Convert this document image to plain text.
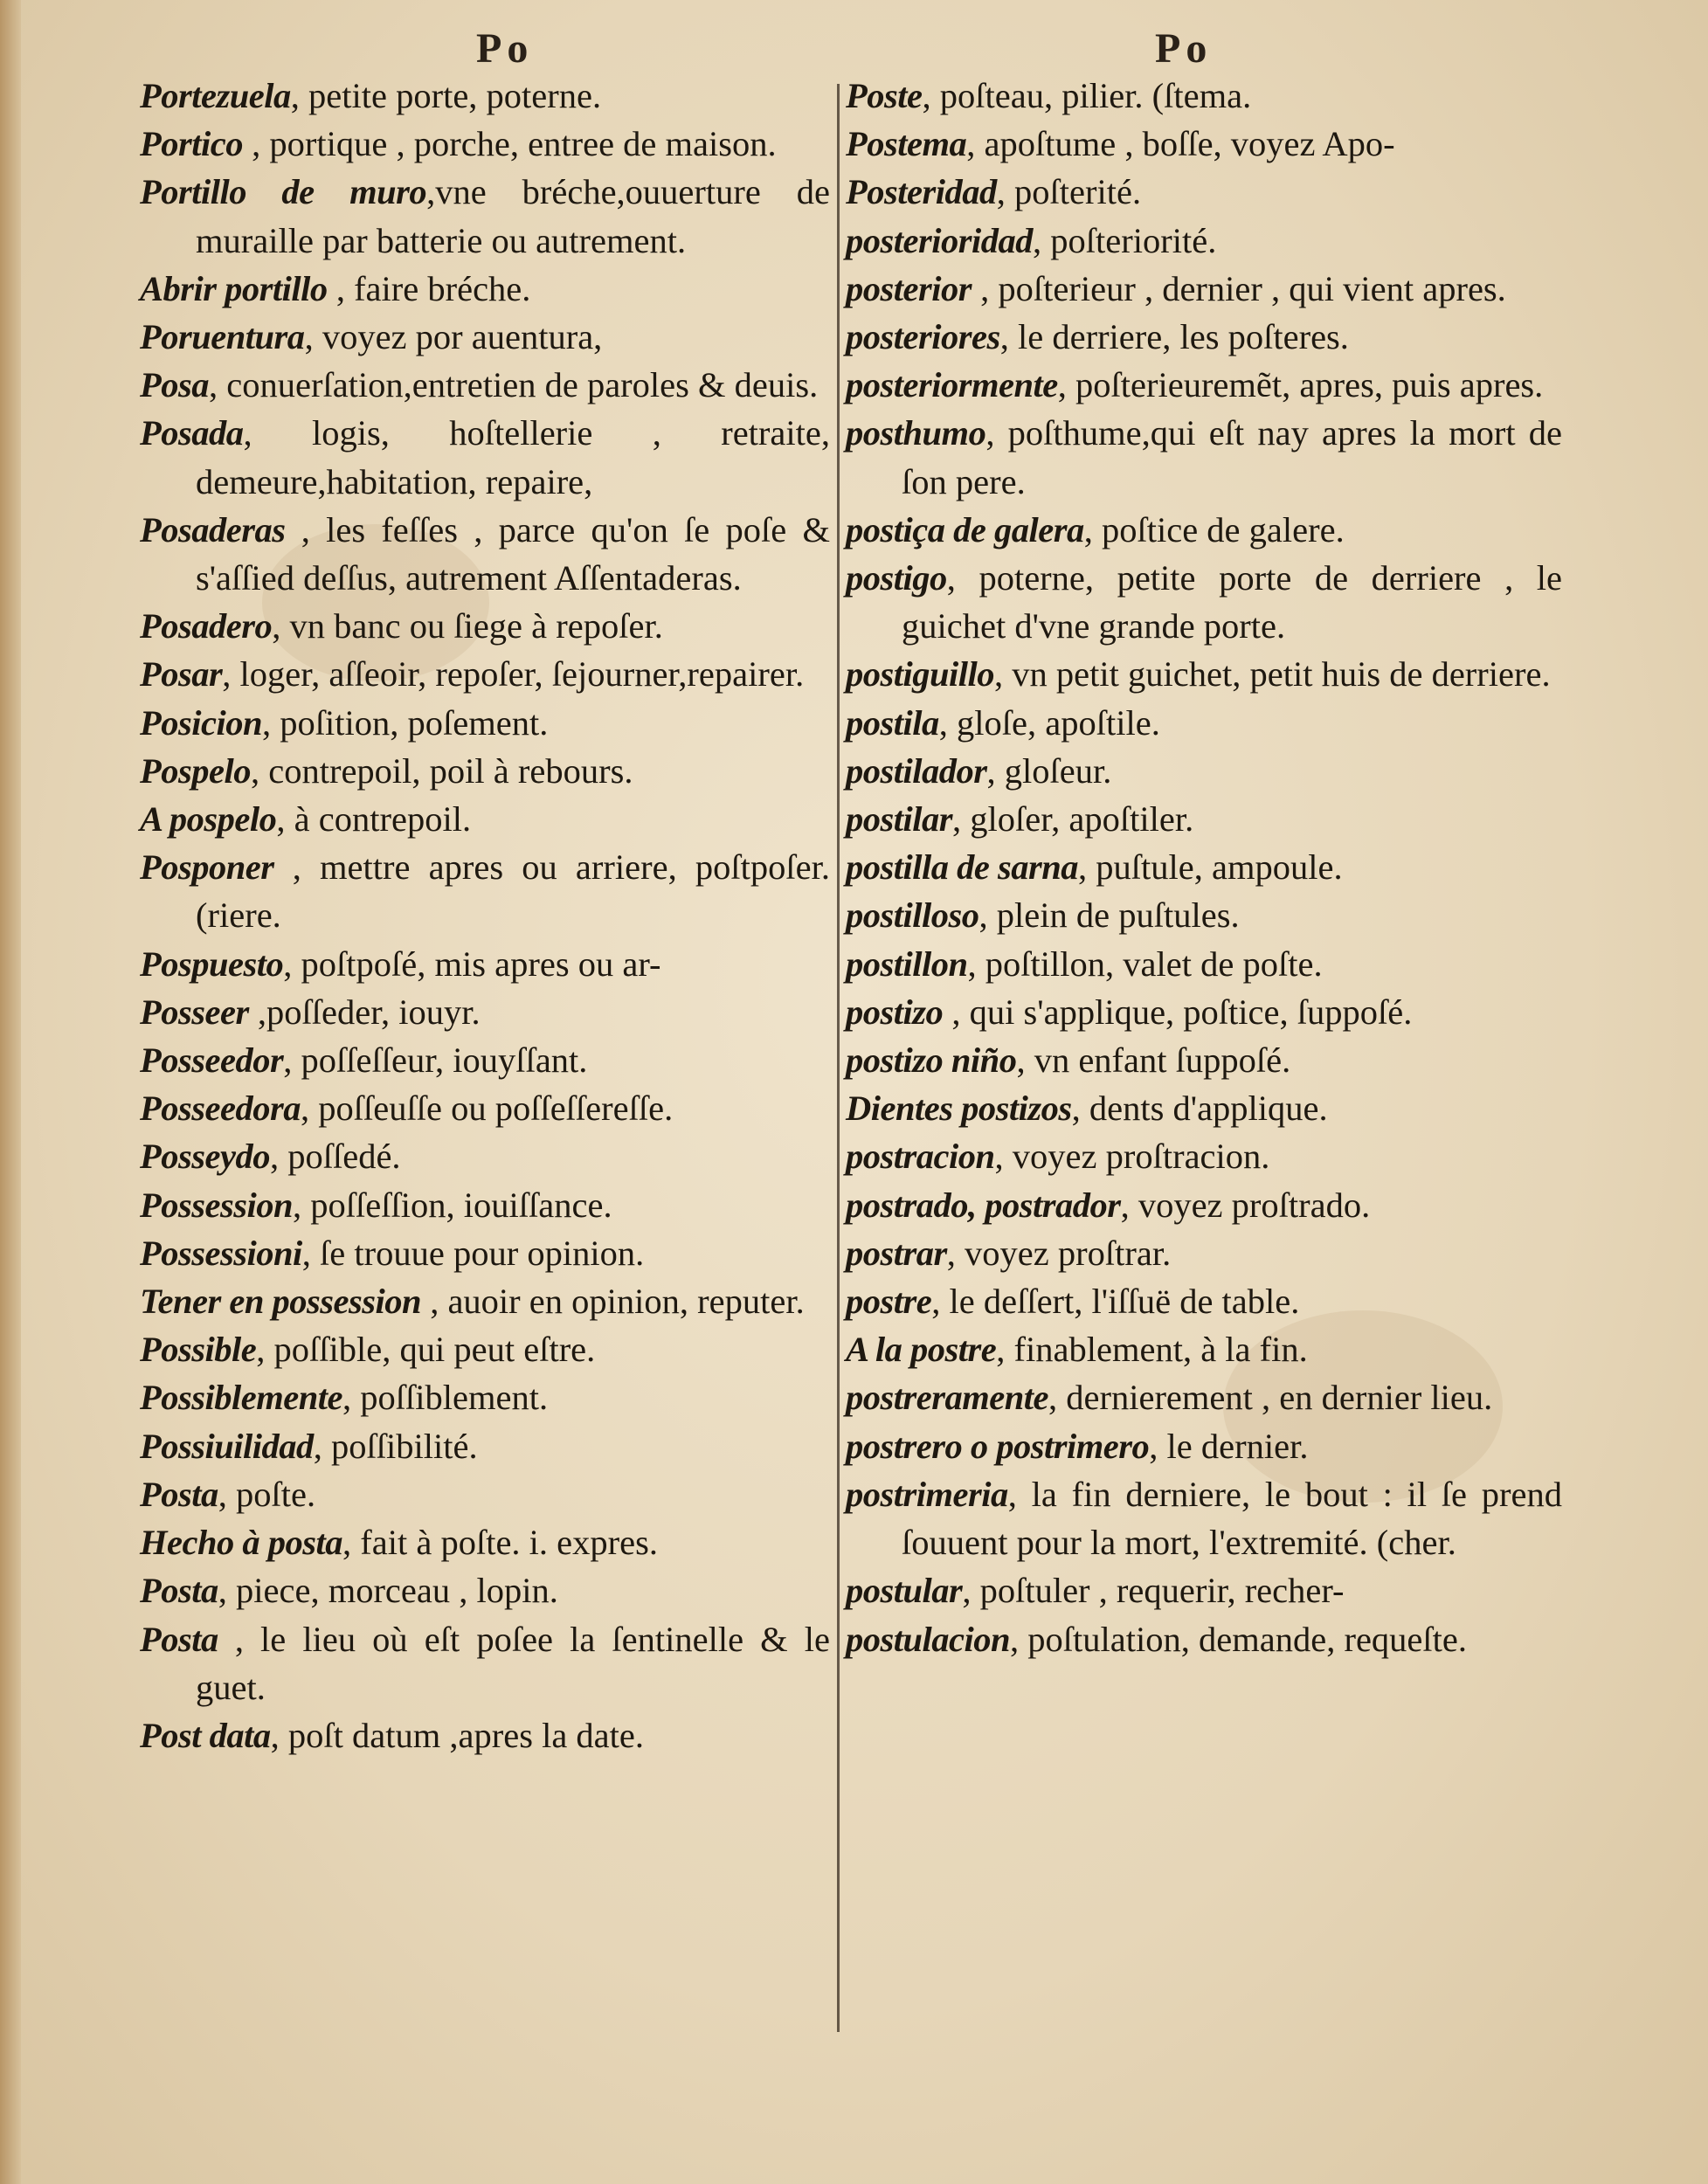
Po	Po
Portezuela, petite porte, poterne.
Portico , portique , porche, entree de maison.
Portillo de muro,vne bréche,ouuerture de muraille par batterie ou autrement.
Abrir portillo , faire bréche.
Poruentura, voyez por auentura,
Posa, conuerſation,entretien de paroles & deuis.
Posada, logis, hoſtellerie , retraite, demeure,habitation, repaire,
Posaderas , les feſſes , parce qu'on ſe poſe & s'aſſied deſſus, autrement Aſſentaderas.
Posadero, vn banc ou ſiege à repoſer.
Posar, loger, aſſeoir, repoſer, ſejourner,repairer.
Posicion, poſition, poſement.
Pospelo, contrepoil, poil à rebours.
A pospelo, à contrepoil.
Posponer , mettre apres ou arriere, poſtpoſer. (riere.
Pospuesto, poſtpoſé, mis apres ou ar-
Posseer ,poſſeder, iouyr.
Posseedor, poſſeſſeur, iouyſſant.
Posseedora, poſſeuſſe ou poſſeſſereſſe.
Posseydo, poſſedé.
Possession, poſſeſſion, iouiſſance.
Possessioni, ſe trouue pour opinion.
Tener en possession , auoir en opinion, reputer.
Possible, poſſible, qui peut eſtre.
Possiblemente, poſſiblement.
Possiuilidad, poſſibilité.
Posta, poſte.
Hecho à posta, fait à poſte. i. expres.
Posta, piece, morceau , lopin.
Posta , le lieu où eſt poſee la ſentinelle & le guet.
Post data, poſt datum ,apres la date.
Poste, poſteau, pilier. (ſtema.
Postema, apoſtume , boſſe, voyez Apo-
Posteridad, poſterité.
posterioridad, poſteriorité.
posterior , poſterieur , dernier , qui vient apres.
posteriores, le derriere, les poſteres.
posteriormente, poſterieuremẽt, apres, puis apres.
posthumo, poſthume,qui eſt nay apres la mort de ſon pere.
postiça de galera, poſtice de galere.
postigo, poterne, petite porte de derriere , le guichet d'vne grande porte.
postiguillo, vn petit guichet, petit huis de derriere.
postila, gloſe, apoſtile.
postilador, gloſeur.
postilar, gloſer, apoſtiler.
postilla de sarna, puſtule, ampoule.
postilloso, plein de puſtules.
postillon, poſtillon, valet de poſte.
postizo , qui s'applique, poſtice, ſuppoſé.
postizo niño, vn enfant ſuppoſé.
Dientes postizos, dents d'applique.
postracion, voyez proſtracion.
postrado, postrador, voyez proſtrado.
postrar, voyez proſtrar.
postre, le deſſert, l'iſſuë de table.
A la postre, finablement, à la fin.
postreramente, dernierement , en dernier lieu.
postrero o postrimero, le dernier.
postrimeria, la fin derniere, le bout : il ſe prend ſouuent pour la mort, l'extremité. (cher.
postular, poſtuler , requerir, recher-
postulacion, poſtulation, demande, requeſte.
